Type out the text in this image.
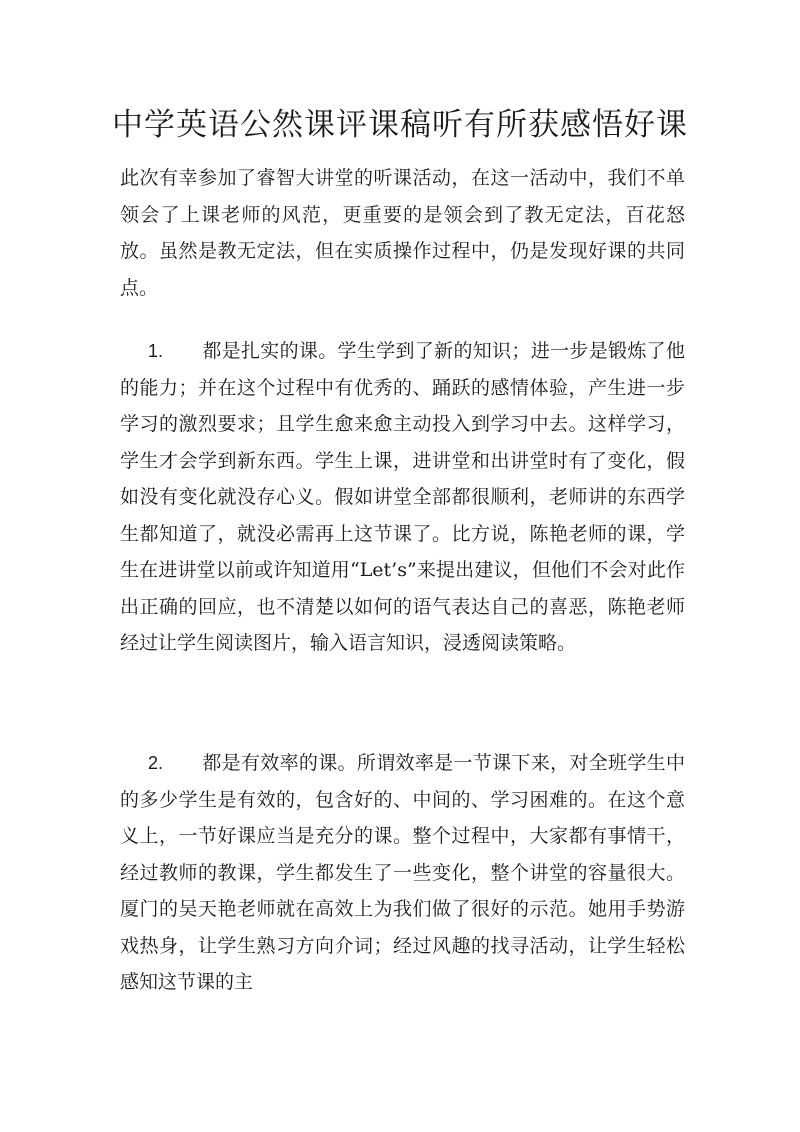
中学英语公然课评课稿听有所获感悟好课

此次有幸参加了睿智大讲堂的听课活动，在这一活动中，我们不单领会了上课老师的风范，更重要的是领会到了教无定法，百花怒放。虽然是教无定法，但在实质操作过程中，仍是发现好课的共同点。

1. 都是扎实的课。学生学到了新的知识；进一步是锻炼了他的能力；并在这个过程中有优秀的、踊跃的感情体验，产生进一步学习的激烈要求；且学生愈来愈主动投入到学习中去。这样学习，学生才会学到新东西。学生上课，进讲堂和出讲堂时有了变化，假如没有变化就没存心义。假如讲堂全部都很顺利，老师讲的东西学生都知道了，就没必需再上这节课了。比方说，陈艳老师的课，学生在进讲堂以前或许知道用“Let’s”来提出建议，但他们不会对此作出正确的回应，也不清楚以如何的语气表达自己的喜恶，陈艳老师经过让学生阅读图片，输入语言知识，浸透阅读策略。

2. 都是有效率的课。所谓效率是一节课下来，对全班学生中的多少学生是有效的，包含好的、中间的、学习困难的。在这个意义上，一节好课应当是充分的课。整个过程中，大家都有事情干，经过教师的教课，学生都发生了一些变化，整个讲堂的容量很大。厦门的吴天艳老师就在高效上为我们做了很好的示范。她用手势游戏热身，让学生熟习方向介词；经过风趣的找寻活动，让学生轻松感知这节课的主
